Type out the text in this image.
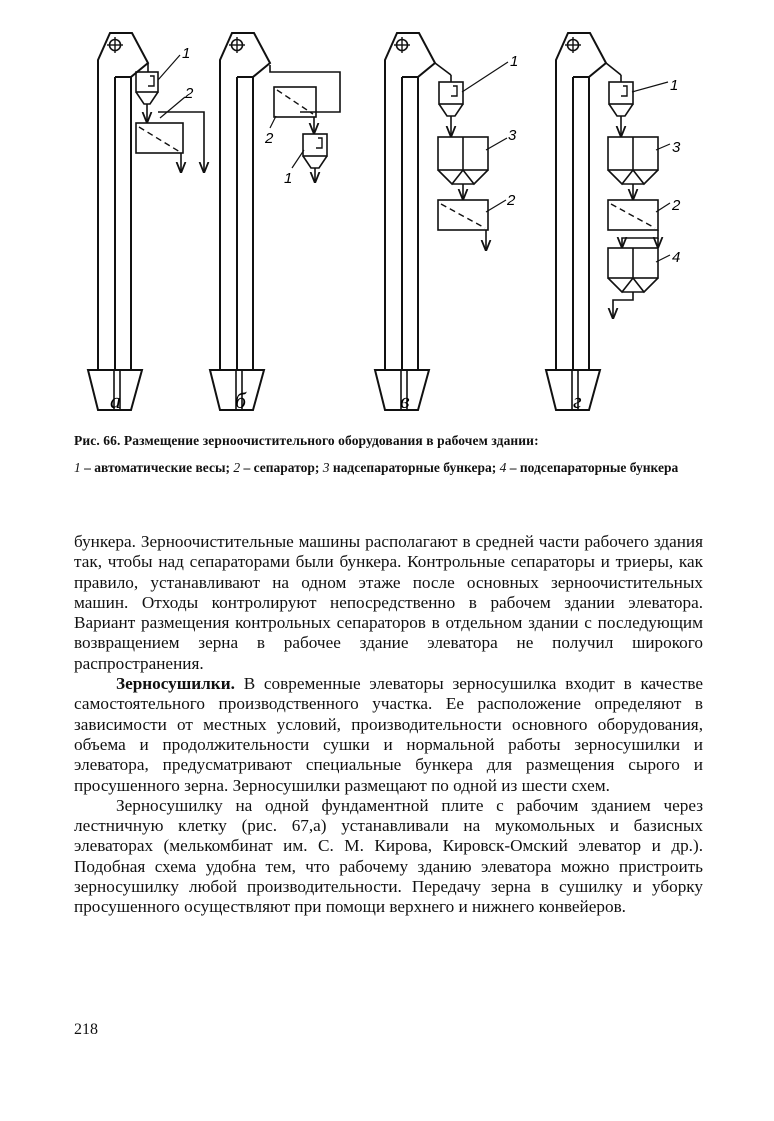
1
2
а
2
1
б
1
3
2
в
1
3
2
4
г
Рис. 66. Размещение зерноочистительного оборудования в рабочем здании:
1 – автоматические весы; 2 – сепаратор; 3 надсепараторные бункера; 4 – подсепараторные бункера

бункера. Зерноочистительные машины располагают в средней части рабочего здания так, чтобы над сепараторами были бункера. Контрольные сепараторы и триеры, как правило, устанавливают на одном этаже после основных зерноочистительных машин. Отходы контролируют непосредственно в рабочем здании элеватора. Вариант размещения контрольных сепараторов в отдельном здании с последующим возвращением зерна в рабочее здание элеватора не получил широкого распространения.

Зерносушилки. В современные элеваторы зерносушилка входит в качестве самостоятельного производственного участка. Ее расположение определяют в зависимости от местных условий, производительности основного оборудования, объема и продолжительности сушки и нормальной работы зерносушилки и элеватора, предусматривают специальные бункера для размещения сырого и просушенного зерна. Зерносушилки размещают по одной из шести схем.

Зерносушилку на одной фундаментной плите с рабочим зданием через лестничную клетку (рис. 67,а) устанавливали на мукомольных и базисных элеваторах (мелькомбинат им. С. М. Кирова, Кировск-Омский элеватор и др.). Подобная схема удобна тем, что рабочему зданию элеватора можно пристроить зерносушилку любой производительности. Передачу зерна в сушилку и уборку просушенного осуществляют при помощи верхнего и нижнего конвейеров.

218
